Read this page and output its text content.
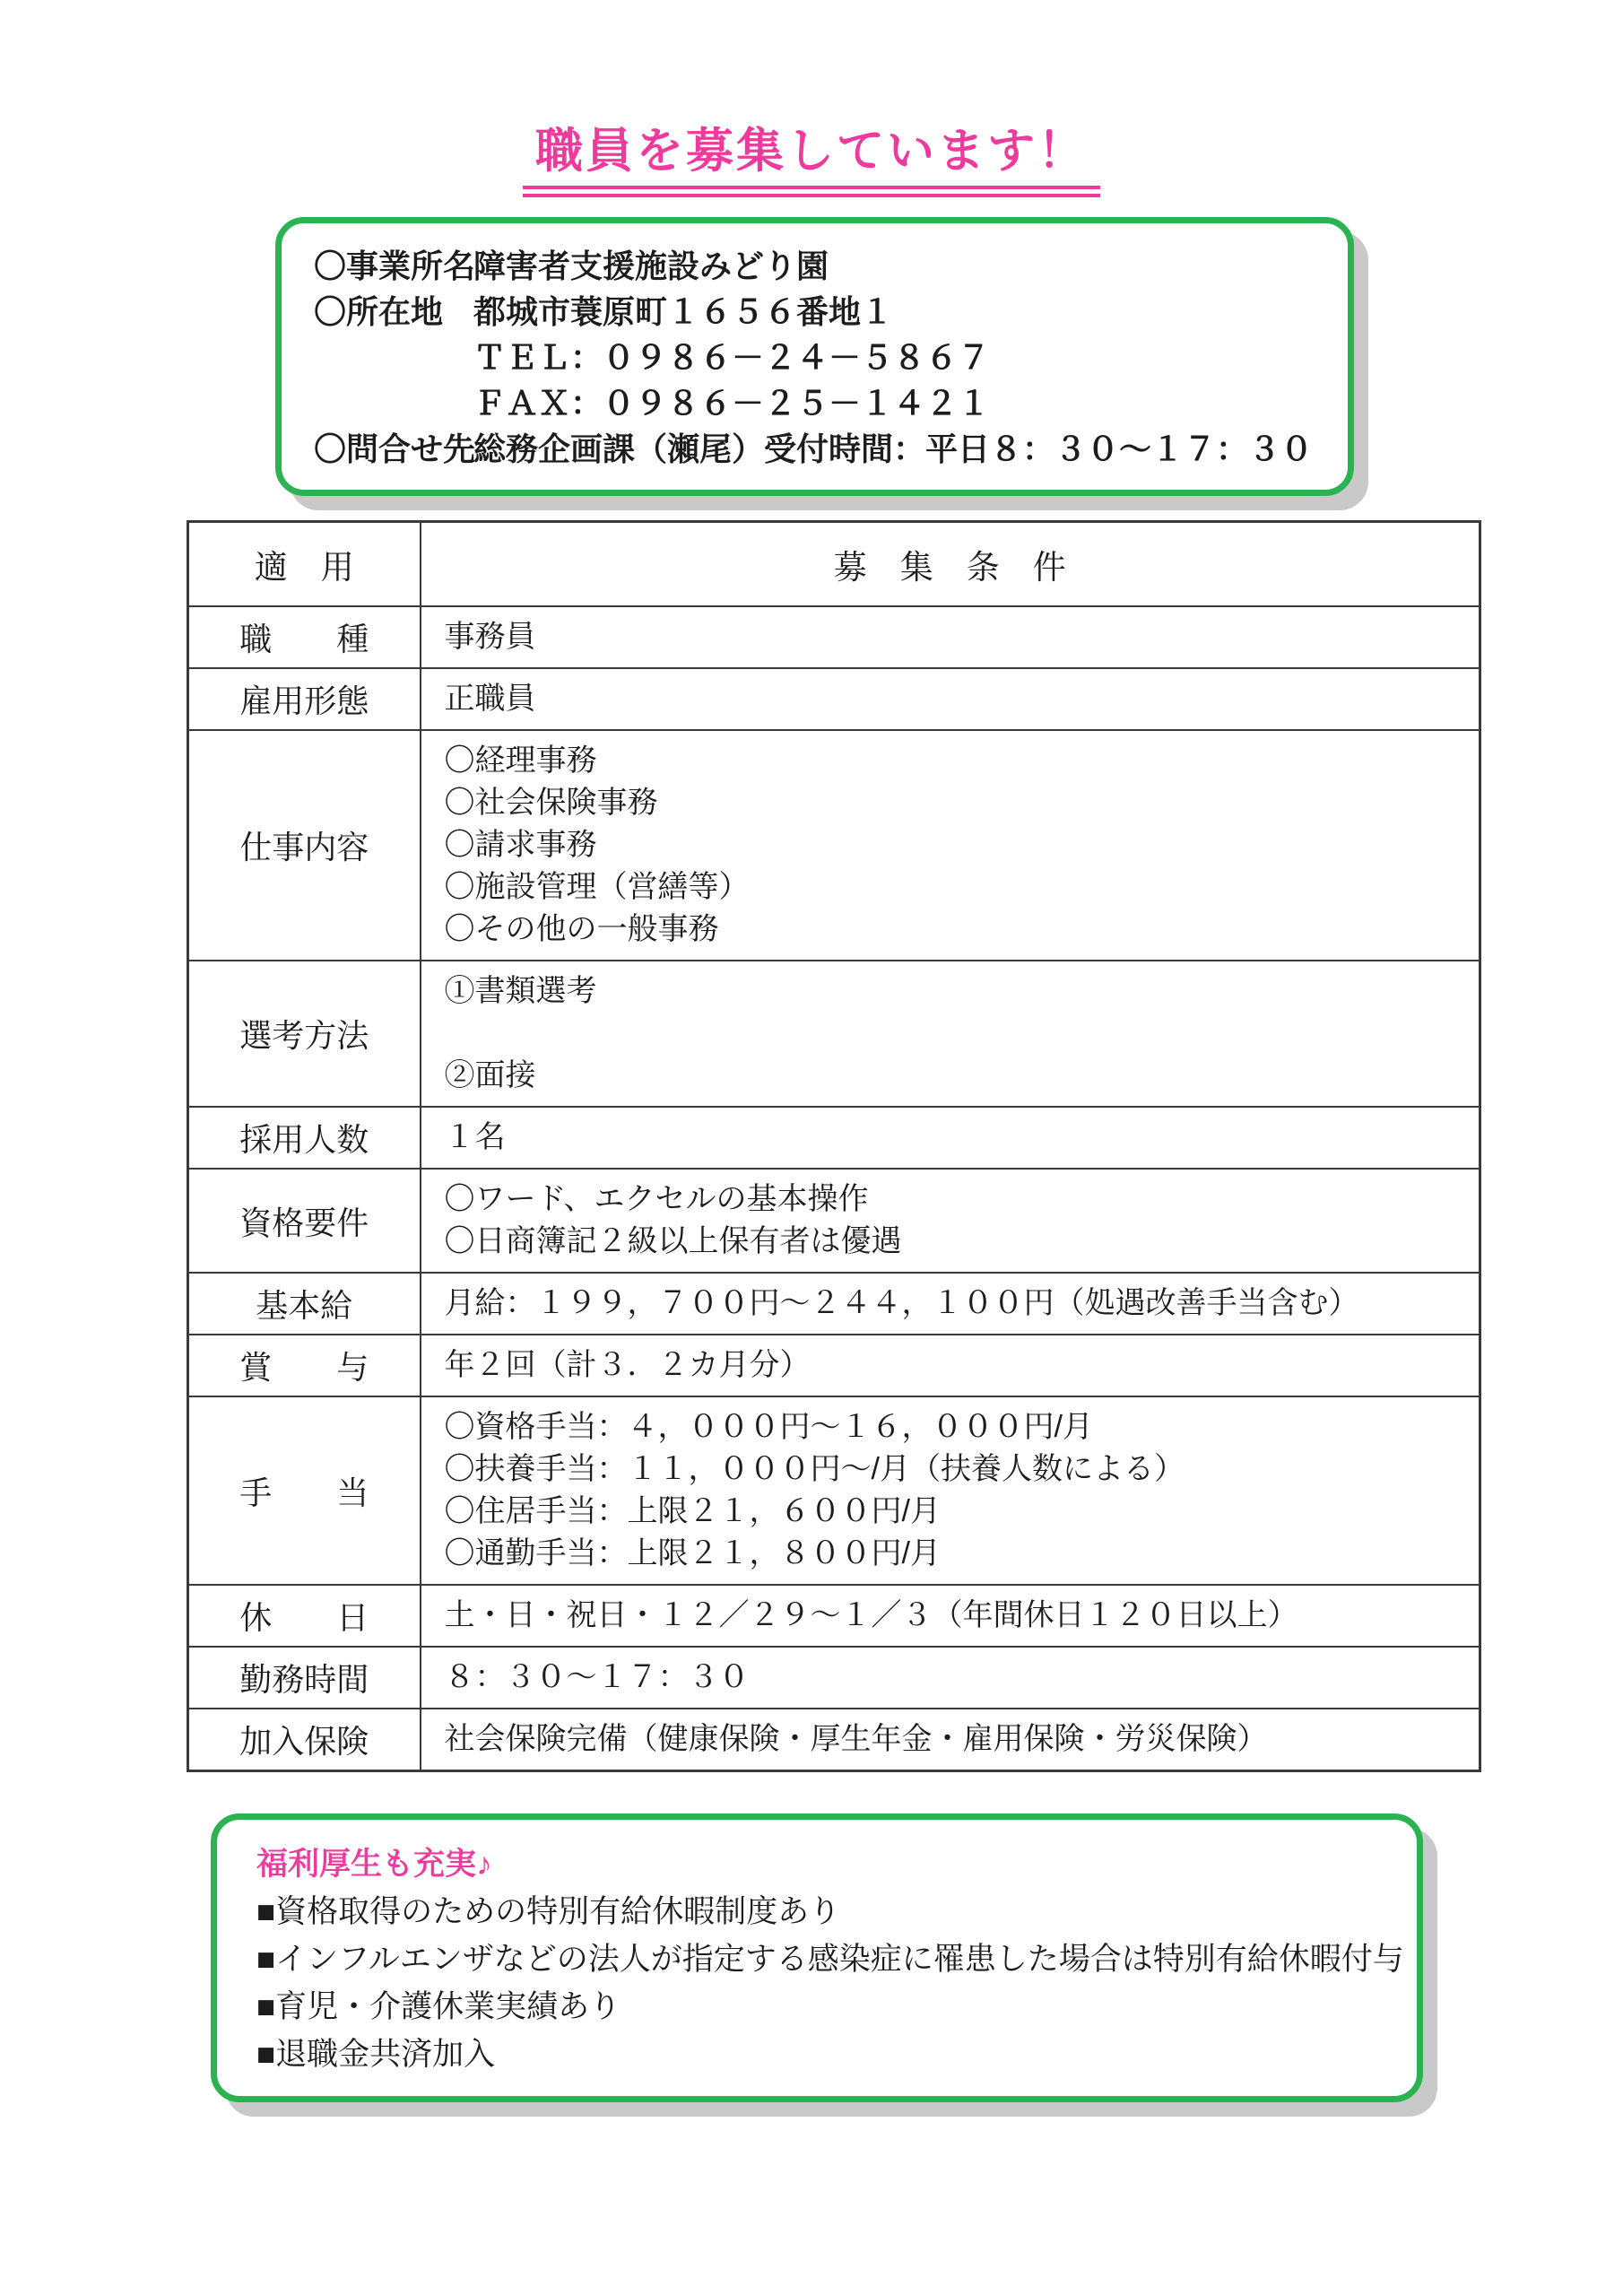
職員を募集しています！
〇事業所名
障害者支援施設みどり園
〇所在地 都城市蓑原町１６５６番地１
ＴＥＬ：０９８６－２４－５８６７
ＦＡＸ：０９８６－２５－１４２１
〇問合せ先
総務企画課（瀬尾）受付時間：平日８：３０～１７：３０
適　用	募　集　条　件
職　　種	事務員

雇用形態	正職員

仕事内容	〇経理事務
〇社会保険事務
〇請求事務
〇施設管理（営繕等）
〇その他の一般事務

選考方法	①書類選考
②面接

採用人数	１名

資格要件	〇ワード、エクセルの基本操作
〇日商簿記２級以上保有者は優遇

基本給	月給：１９９，７００円～２４４，１００円（処遇改善手当含む）

賞　　与	年２回（計３．２カ月分）

手　　当	〇資格手当：４，０００円～１６，０００円/月
〇扶養手当：１１，０００円～/月（扶養人数による）
〇住居手当：上限２１，６００円/月
〇通勤手当：上限２１，８００円/月

休　　日	土・日・祝日・１２／２９～１／３（年間休日１２０日以上）

勤務時間	８：３０～１７：３０

加入保険	社会保険完備（健康保険・厚生年金・雇用保険・労災保険）
福利厚生も充実♪
■資格取得のための特別有給休暇制度あり
■インフルエンザなどの法人が指定する感染症に罹患した場合は特別有給休暇付与
■育児・介護休業実績あり
■退職金共済加入
